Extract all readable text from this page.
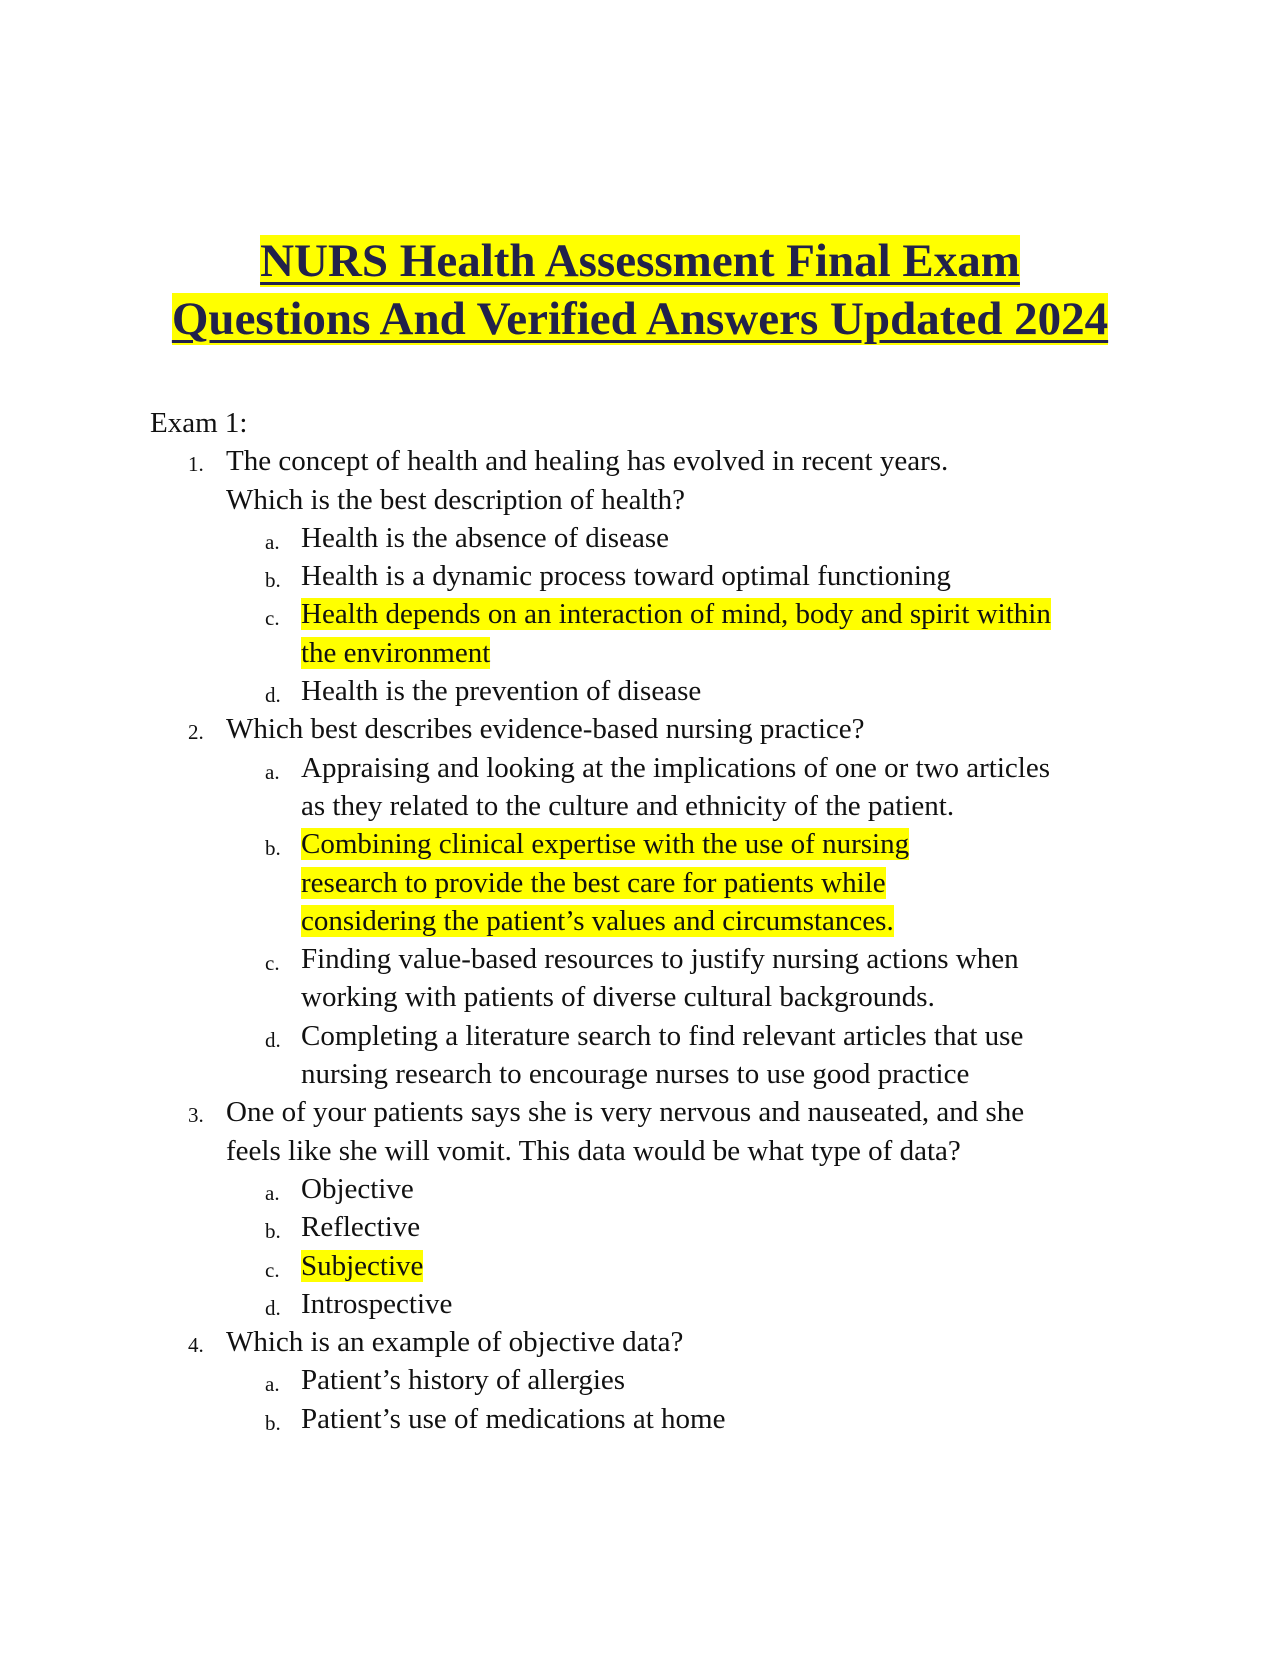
NURS Health Assessment Final Exam
Questions And Verified Answers Updated 2024

Exam 1:

1. The concept of health and healing has evolved in recent years. Which is the best description of health?
a. Health is the absence of disease
b. Health is a dynamic process toward optimal functioning
c. Health depends on an interaction of mind, body and spirit within the environment
d. Health is the prevention of disease
2. Which best describes evidence-based nursing practice?
a. Appraising and looking at the implications of one or two articles as they related to the culture and ethnicity of the patient.
b. Combining clinical expertise with the use of nursing research to provide the best care for patients while considering the patient’s values and circumstances.
c. Finding value-based resources to justify nursing actions when working with patients of diverse cultural backgrounds.
d. Completing a literature search to find relevant articles that use nursing research to encourage nurses to use good practice
3. One of your patients says she is very nervous and nauseated, and she feels like she will vomit. This data would be what type of data?
a. Objective
b. Reflective
c. Subjective
d. Introspective
4. Which is an example of objective data?
a. Patient’s history of allergies
b. Patient’s use of medications at home
